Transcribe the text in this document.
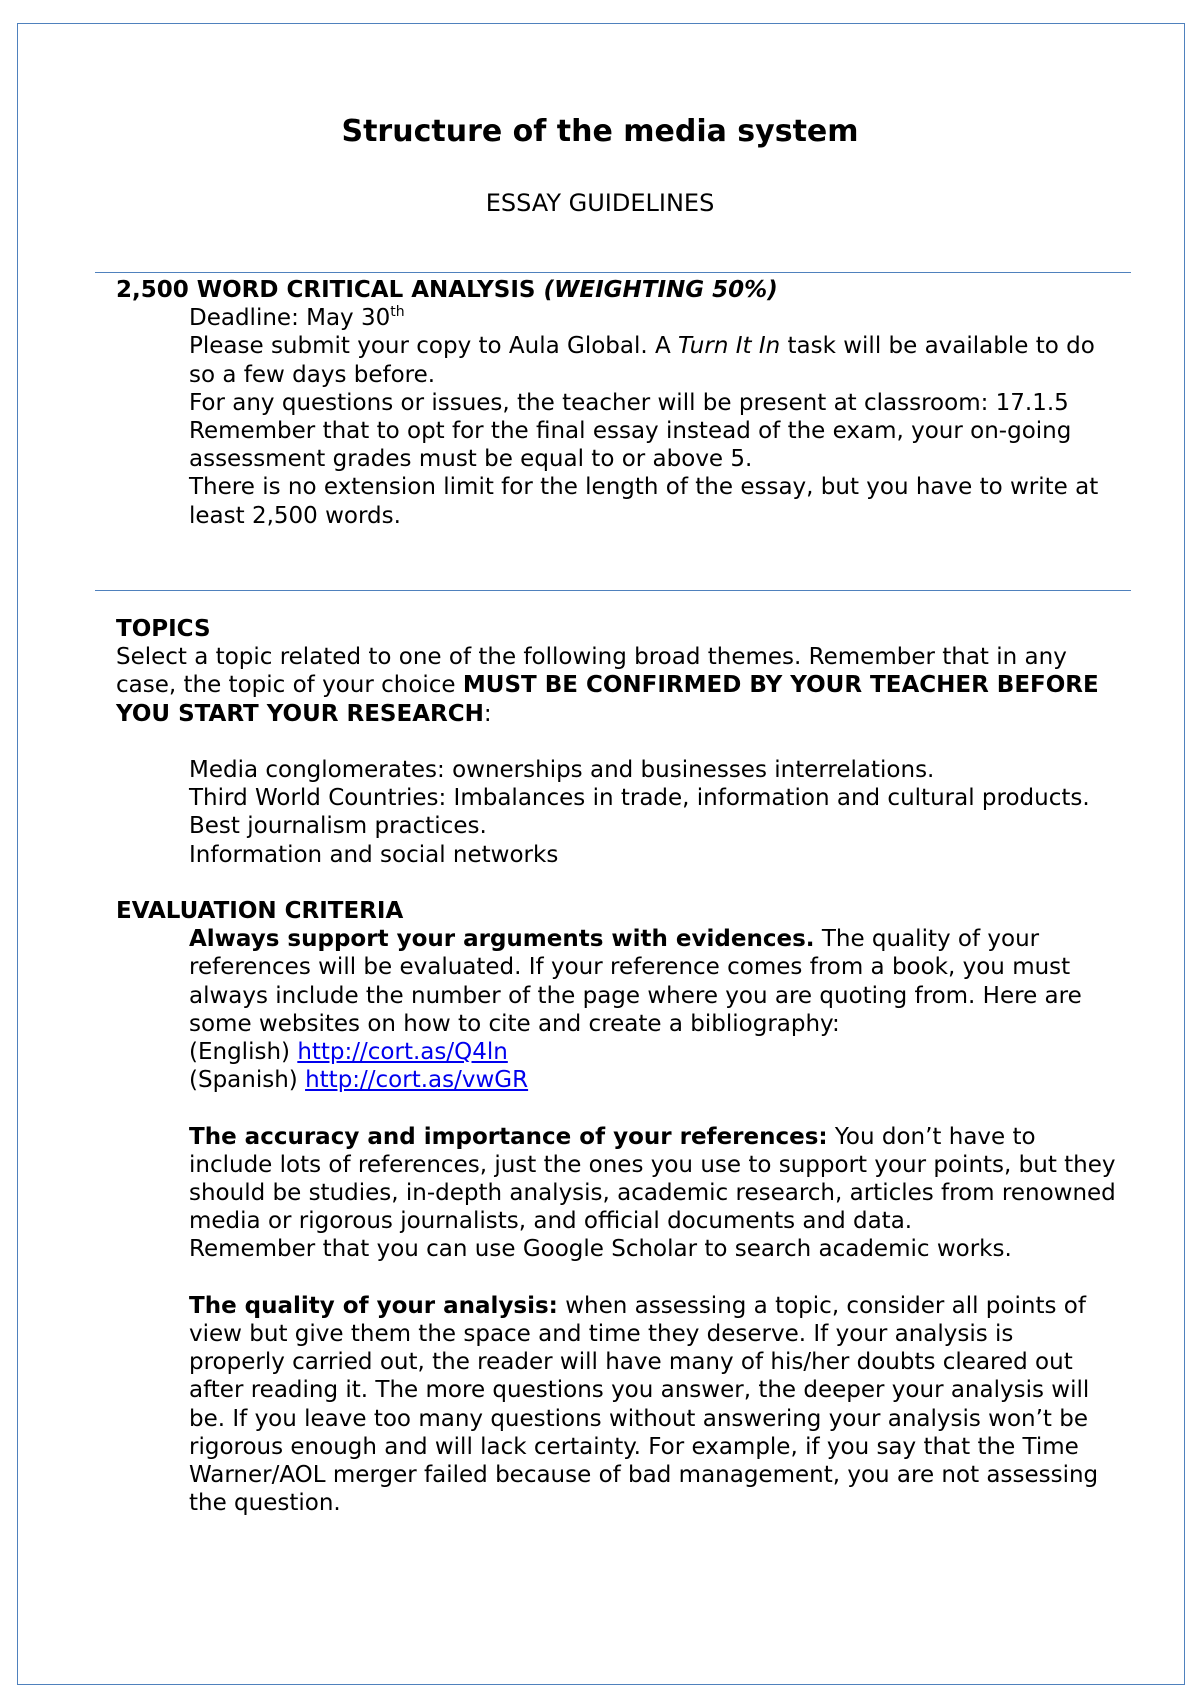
Structure of the media system
ESSAY GUIDELINES
2,500 WORD CRITICAL ANALYSIS (WEIGHTING 50%)
Deadline: May 30th
Please submit your copy to Aula Global. A Turn It In task will be available to do so a few days before.
For any questions or issues, the teacher will be present at classroom: 17.1.5
Remember that to opt for the final essay instead of the exam, your on-going assessment grades must be equal to or above 5.
There is no extension limit for the length of the essay, but you have to write at least 2,500 words.
TOPICS
Select a topic related to one of the following broad themes. Remember that in any case, the topic of your choice MUST BE CONFIRMED BY YOUR TEACHER BEFORE YOU START YOUR RESEARCH:
Media conglomerates: ownerships and businesses interrelations.
Third World Countries: Imbalances in trade, information and cultural products.
Best journalism practices.
Information and social networks
EVALUATION CRITERIA
Always support your arguments with evidences. The quality of your references will be evaluated. If your reference comes from a book, you must always include the number of the page where you are quoting from. Here are some websites on how to cite and create a bibliography:
(English) http://cort.as/Q4ln
(Spanish) http://cort.as/vwGR
The accuracy and importance of your references: You don’t have to include lots of references, just the ones you use to support your points, but they should be studies, in-depth analysis, academic research, articles from renowned media or rigorous journalists, and official documents and data.
Remember that you can use Google Scholar to search academic works.
The quality of your analysis: when assessing a topic, consider all points of view but give them the space and time they deserve. If your analysis is properly carried out, the reader will have many of his/her doubts cleared out after reading it. The more questions you answer, the deeper your analysis will be. If you leave too many questions without answering your analysis won’t be rigorous enough and will lack certainty. For example, if you say that the Time Warner/AOL merger failed because of bad management, you are not assessing the question.
